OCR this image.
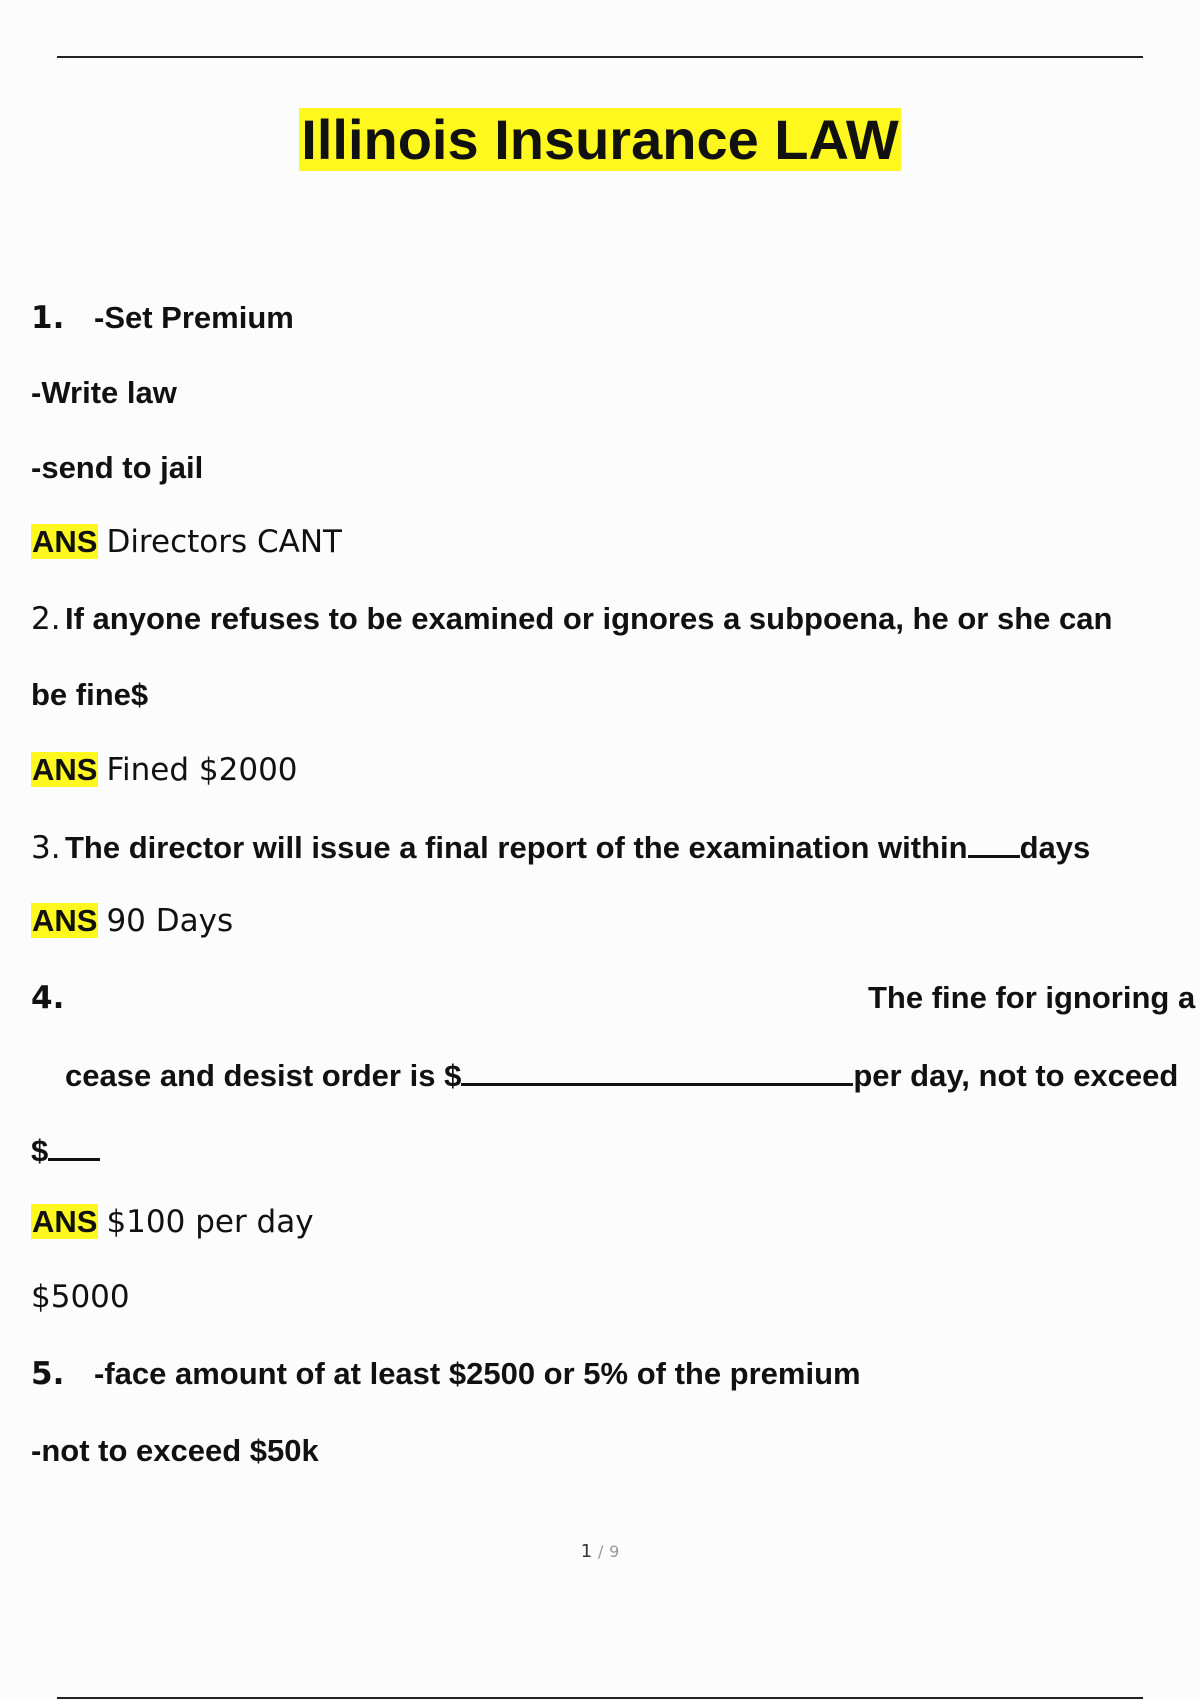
Illinois Insurance LAW
1. -Set Premium
-Write law
-send to jail
ANS Directors CANT
2. If anyone refuses to be examined or ignores a subpoena, he or she can
be fine$
ANS Fined $2000
3. The director will issue a final report of the examination within days
ANS 90 Days
4.	The fine for ignoring a
cease and desist order is $	per day, not to exceed
$
ANS $100 per day
$5000
5. -face amount of at least $2500 or 5% of the premium
-not to exceed $50k
1 / 9
